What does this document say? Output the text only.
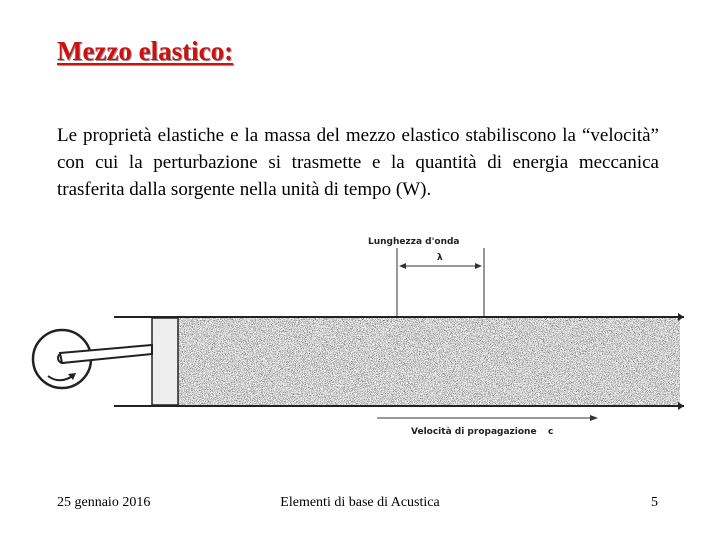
Mezzo elastico:
Le proprietà elastiche e la massa del mezzo elastico stabiliscono la “velocità” con cui la perturbazione si trasmette e la quantità di energia meccanica trasferita dalla sorgente nella unità di tempo (W).
Lunghezza d'onda
λ
Velocità di propagazione c
25 gennaio 2016	Elementi di base di Acustica	5
